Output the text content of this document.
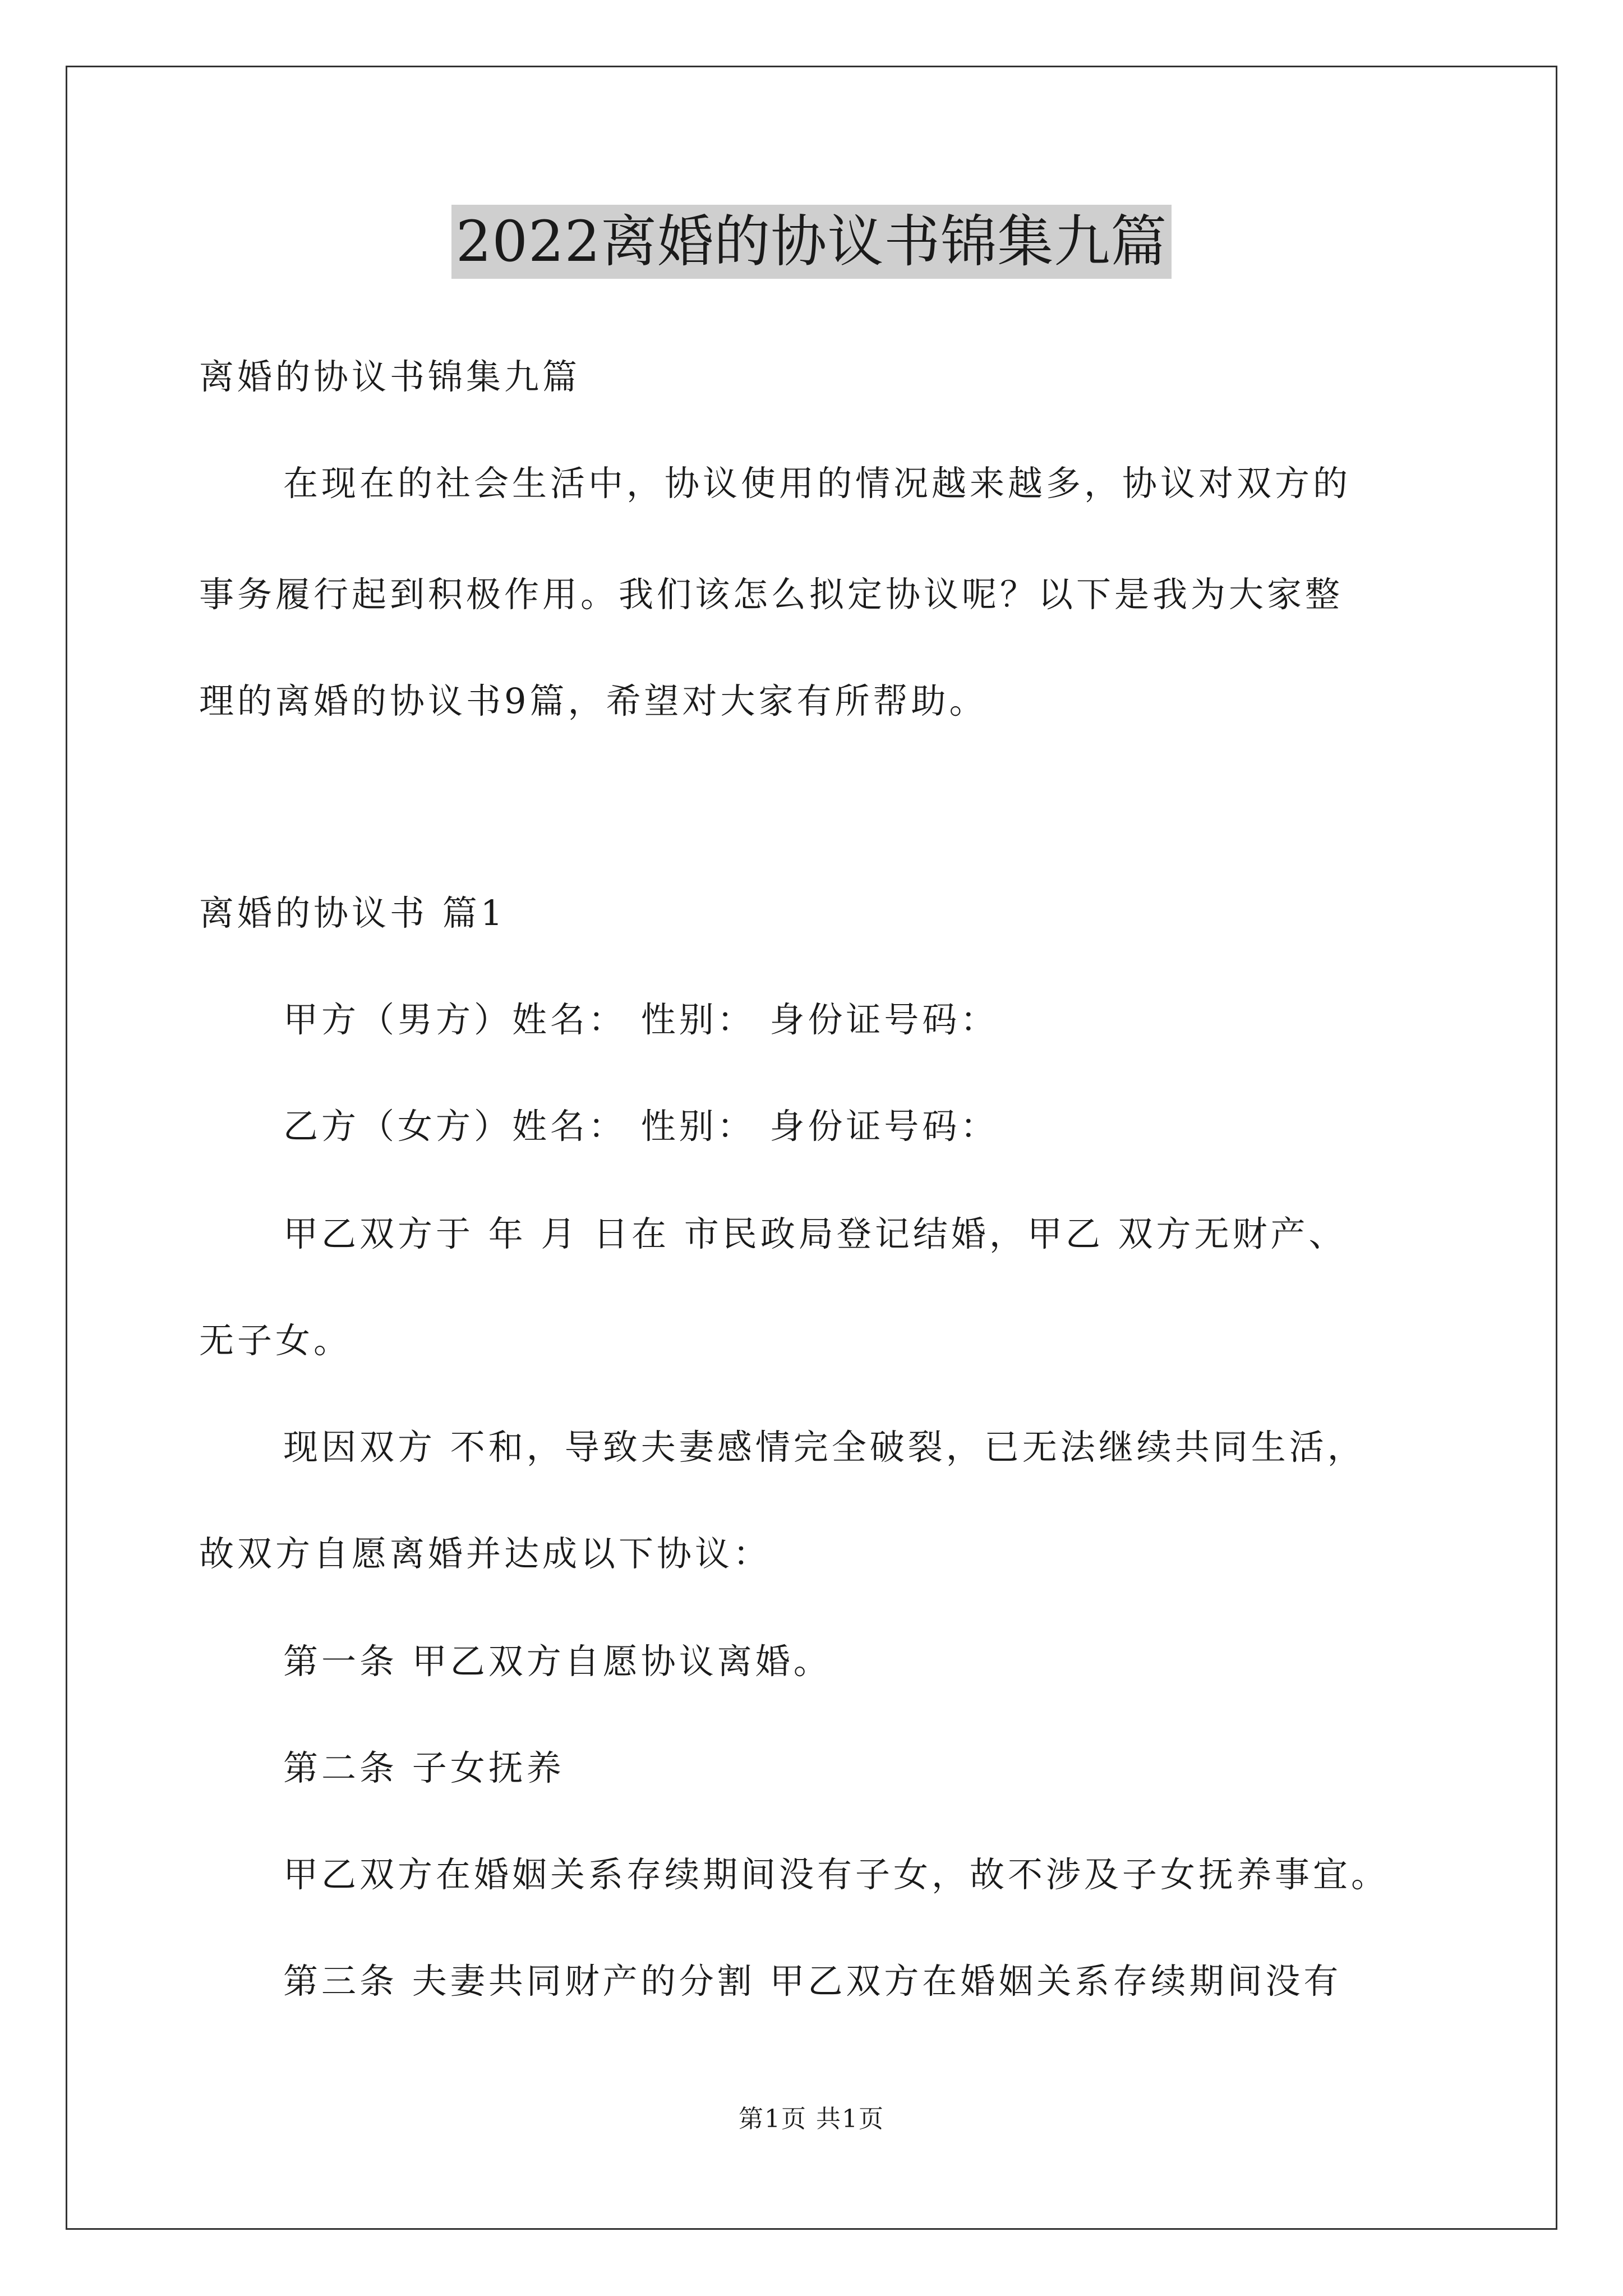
2022离婚的协议书锦集九篇
离婚的协议书锦集九篇
在现在的社会生活中，协议使用的情况越来越多，协议对双方的
事务履行起到积极作用。我们该怎么拟定协议呢？以下是我为大家整
理的离婚的协议书9篇，希望对大家有所帮助。
离婚的协议书 篇1
甲方（男方）姓名： 性别： 身份证号码：
乙方（女方）姓名： 性别： 身份证号码：
甲乙双方于 年 月 日在 市民政局登记结婚，甲乙 双方无财产、
无子女。
现因双方 不和，导致夫妻感情完全破裂，已无法继续共同生活，
故双方自愿离婚并达成以下协议：
第一条 甲乙双方自愿协议离婚。
第二条 子女抚养
甲乙双方在婚姻关系存续期间没有子女，故不涉及子女抚养事宜。
第三条 夫妻共同财产的分割 甲乙双方在婚姻关系存续期间没有
第1页 共1页
